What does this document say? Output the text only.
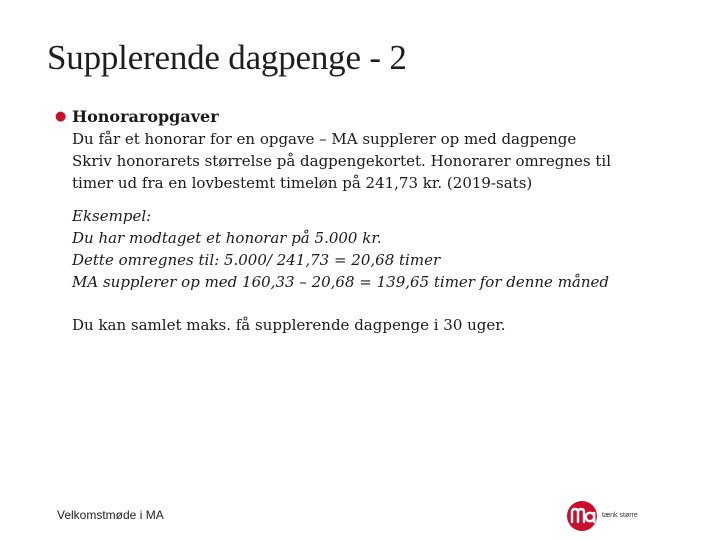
Supplerende dagpenge - 2
● Honoraropgaver
Du får et honorar for en opgave – MA supplerer op med dagpenge
Skriv honorarets størrelse på dagpengekortet. Honorarer omregnes til
timer ud fra en lovbestemt timeløn på 241,73 kr. (2019-sats)
Eksempel:
Du har modtaget et honorar på 5.000 kr.
Dette omregnes til: 5.000/ 241,73 = 20,68 timer
MA supplerer op med 160,33 – 20,68 = 139,65 timer for denne måned
Du kan samlet maks. få supplerende dagpenge i 30 uger.
Velkomstmøde i MA	tænk større
